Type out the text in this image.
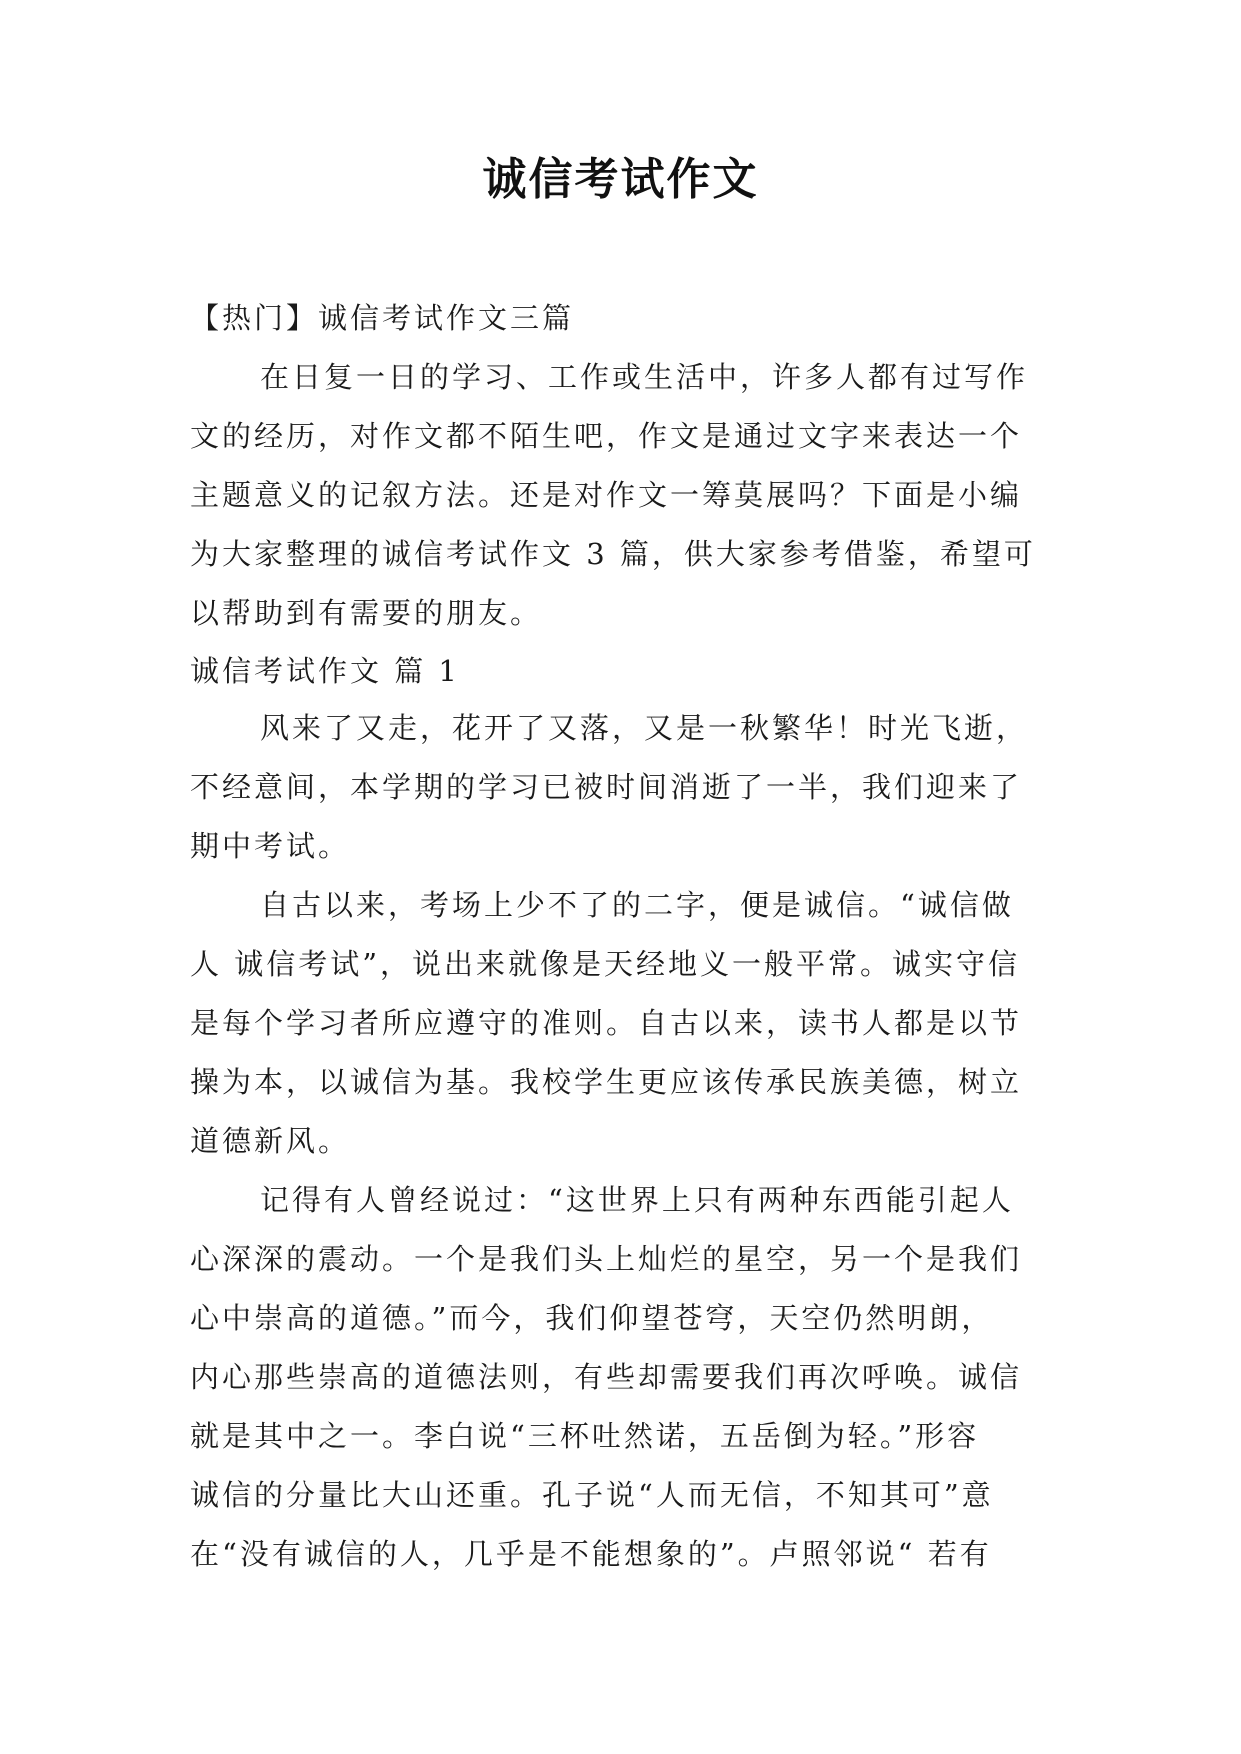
诚信考试作文
【热门】诚信考试作文三篇
在日复一日的学习、工作或生活中，许多人都有过写作
文的经历，对作文都不陌生吧，作文是通过文字来表达一个
主题意义的记叙方法。还是对作文一筹莫展吗？下面是小编
为大家整理的诚信考试作文 3 篇，供大家参考借鉴，希望可
以帮助到有需要的朋友。
诚信考试作文 篇 1
风来了又走，花开了又落，又是一秋繁华！时光飞逝，
不经意间，本学期的学习已被时间消逝了一半，我们迎来了
期中考试。
自古以来，考场上少不了的二字，便是诚信。“诚信做
人 诚信考试”，说出来就像是天经地义一般平常。诚实守信
是每个学习者所应遵守的准则。自古以来，读书人都是以节
操为本，以诚信为基。我校学生更应该传承民族美德，树立
道德新风。
记得有人曾经说过：“这世界上只有两种东西能引起人
心深深的震动。一个是我们头上灿烂的星空，另一个是我们
心中崇高的道德。”而今，我们仰望苍穹，天空仍然明朗，
内心那些崇高的道德法则，有些却需要我们再次呼唤。诚信
就是其中之一。李白说“三杯吐然诺，五岳倒为轻。”形容
诚信的分量比大山还重。孔子说“人而无信，不知其可”意
在“没有诚信的人，几乎是不能想象的”。卢照邻说“ 若有
